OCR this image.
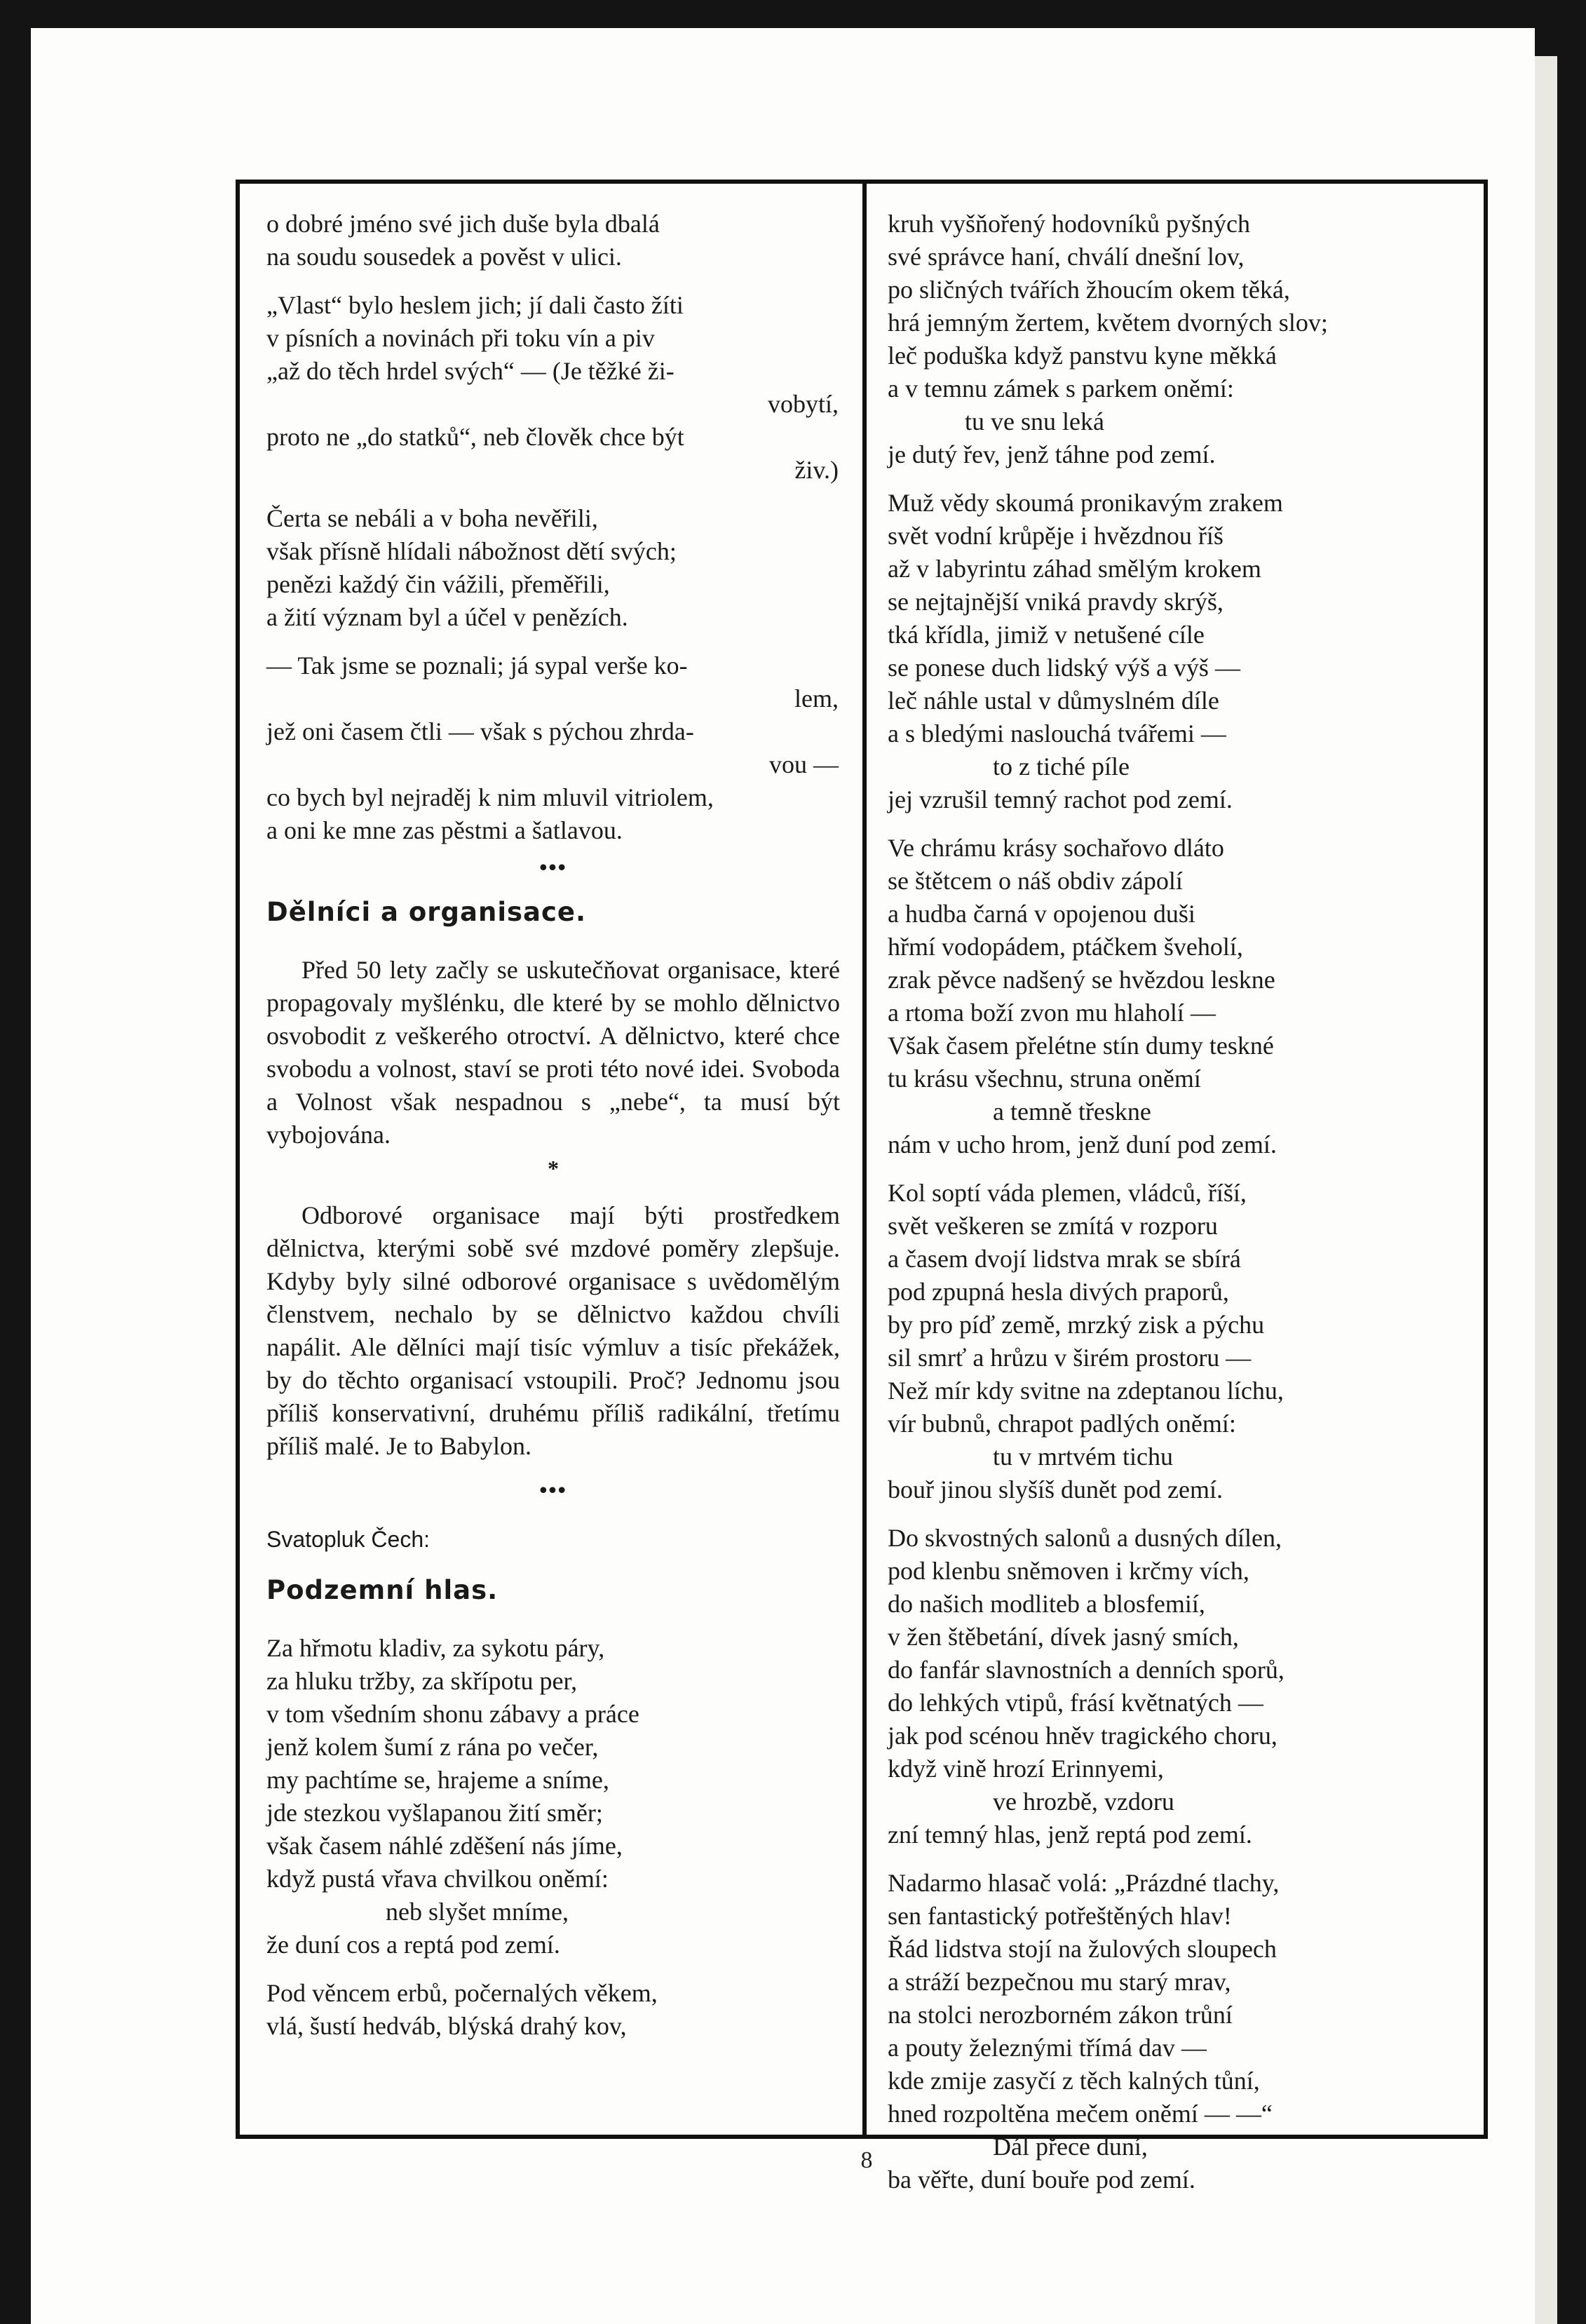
o dobré jméno své jich duše byla dbalá
na soudu sousedek a pověst v ulici.
„Vlast“ bylo heslem jich; jí dali často žíti
v písních a novinách při toku vín a piv
„až do těch hrdel svých“ — (Je těžké ži-
vobytí,
proto ne „do statků“, neb člověk chce být
živ.)
Čerta se nebáli a v boha nevěřili,
však přísně hlídali nábožnost dětí svých;
penězi každý čin vážili, přeměřili,
a žití význam byl a účel v penězích.
— Tak jsme se poznali; já sypal verše ko-
lem,
jež oni časem čtli — však s pýchou zhrda-
vou —
co bych byl nejraděj k nim mluvil vitriolem,
a oni ke mne zas pěstmi a šatlavou.
•••
Dělníci a organisace.
Před 50 lety začly se uskutečňovat organisace, které propagovaly myšlénku, dle které by se mohlo dělnictvo osvobodit z veškerého otroctví. A dělnictvo, které chce svobodu a volnost, staví se proti této nové idei. Svoboda a Volnost však nespadnou s „nebe“, ta musí být vybojována.
*
Odborové organisace mají býti prostředkem dělnictva, kterými sobě své mzdové poměry zlepšuje. Kdyby byly silné odborové organisace s uvědomělým členstvem, nechalo by se dělnictvo každou chvíli napálit. Ale dělníci mají tisíc výmluv a tisíc překážek, by do těchto organisací vstoupili. Proč? Jednomu jsou příliš konservativní, druhému příliš radikální, třetímu příliš malé. Je to Babylon.
•••
Svatopluk Čech:
Podzemní hlas.
Za hřmotu kladiv, za sykotu páry,
za hluku tržby, za skřípotu per,
v tom všedním shonu zábavy a práce
jenž kolem šumí z rána po večer,
my pachtíme se, hrajeme a sníme,
jde stezkou vyšlapanou žití směr;
však časem náhlé zděšení nás jíme,
když pustá vřava chvilkou oněmí:
neb slyšet mníme,
že duní cos a reptá pod zemí.
Pod věncem erbů, počernalých věkem,
vlá, šustí hedváb, blýská drahý kov,
kruh vyšňořený hodovníků pyšných
své správce haní, chválí dnešní lov,
po sličných tvářích žhoucím okem těká,
hrá jemným žertem, květem dvorných slov;
leč poduška když panstvu kyne měkká
a v temnu zámek s parkem oněmí:
tu ve snu leká
je dutý řev, jenž táhne pod zemí.
Muž vědy skoumá pronikavým zrakem
svět vodní krůpěje i hvězdnou říš
až v labyrintu záhad smělým krokem
se nejtajnější vniká pravdy skrýš,
tká křídla, jimiž v netušené cíle
se ponese duch lidský výš a výš —
leč náhle ustal v důmyslném díle
a s bledými naslouchá tvářemi —
to z tiché píle
jej vzrušil temný rachot pod zemí.
Ve chrámu krásy sochařovo dláto
se štětcem o náš obdiv zápolí
a hudba čarná v opojenou duši
hřmí vodopádem, ptáčkem šveholí,
zrak pěvce nadšený se hvězdou leskne
a rtoma boží zvon mu hlaholí —
Však časem přelétne stín dumy teskné
tu krásu všechnu, struna oněmí
a temně třeskne
nám v ucho hrom, jenž duní pod zemí.
Kol soptí váda plemen, vládců, říší,
svět veškeren se zmítá v rozporu
a časem dvojí lidstva mrak se sbírá
pod zpupná hesla divých praporů,
by pro píď země, mrzký zisk a pýchu
sil smrť a hrůzu v širém prostoru —
Než mír kdy svitne na zdeptanou líchu,
vír bubnů, chrapot padlých oněmí:
tu v mrtvém tichu
bouř jinou slyšíš dunět pod zemí.
Do skvostných salonů a dusných dílen,
pod klenbu sněmoven i krčmy vích,
do našich modliteb a blosfemií,
v žen štěbetání, dívek jasný smích,
do fanfár slavnostních a denních sporů,
do lehkých vtipů, frásí květnatých —
jak pod scénou hněv tragického choru,
když vině hrozí Erinnyemi,
ve hrozbě, vzdoru
zní temný hlas, jenž reptá pod zemí.
Nadarmo hlasač volá: „Prázdné tlachy,
sen fantastický potřeštěných hlav!
Řád lidstva stojí na žulových sloupech
a stráží bezpečnou mu starý mrav,
na stolci nerozborném zákon trůní
a pouty železnými třímá dav —
kde zmije zasyčí z těch kalných tůní,
hned rozpoltěna mečem oněmí — —“
Dál přece duní,
ba věřte, duní bouře pod zemí.
8
